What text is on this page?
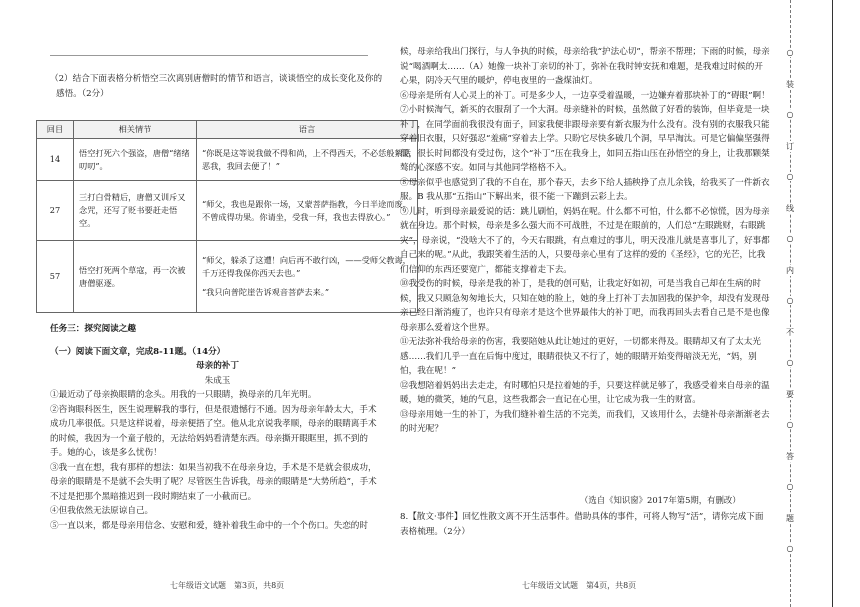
（2）结合下面表格分析悟空三次离别唐僧时的情节和语言，谈谈悟空的成长变化及你的感悟。（2分）

回目	相关情节	语言
14	悟空打死六个强盗，唐僧“绪绪叨叨”。	“你既是这等说我做不得和尚，上不得西天，不必恁般絮聒恶我，我回去便了！”
27	三打白骨精后，唐僧又训斥又念咒，还写了贬书要赶走悟空。	“师父，我也是跟你一场，又蒙菩萨指教，今日半途而废，不曾成得功果。你请坐，受我一拜，我也去得放心。”
57	悟空打死两个草寇，再一次被唐僧驱逐。	“师父，躲杀了这遭！向后再不敢行凶，——受师父教诲，千万还得我保你西天去也。”
“我只向普陀崖告诉观音菩萨去来。”

任务三：探究阅读之趣

（一）阅读下面文章，完成8-11题。（14分）

母亲的补丁

朱成玉

①最近动了母亲换眼睛的念头。用我的一只眼睛，换母亲的几年光明。

②咨询眼科医生，医生说理解我的事行，但是很遗憾行不通。因为母亲年龄太大，手术成功几率很低。只是这样说着，母亲便捂了空。他从北京说我孝顺，母亲的眼睛离手术的时候，我因为一个童子般的，无法给妈妈看清楚东西。母亲撕开眼眶里，抓不到的手。她的心，该是多么忧伤！

③我一直在想，我有那样的想法：如果当初我不在母亲身边，手术是不是就会很成功，母亲的眼睛是不是就不会失明了呢？尽管医生告诉我，母亲的眼睛是“大势所趋”，手术不过是把那个黑暗推迟到一段时期结束了一小截而已。

④但我依然无法原谅自己。

⑤一直以来，都是母亲用信念、安慰和爱，缝补着我生命中的一个个伤口。失恋的时

七年级语文试题　第3页，共8页

候，母亲给我出门探行，与人争执的时候，母亲给我“护法心切”，帮亲不帮理；下雨的时候，母亲说“喝酒啊太……（A）她像一块补丁亲切的补丁，弥补在我时钟安抚和难题，是我难过时候的开心果，阴冷天气里的暖炉，停电夜里的一盏煤油灯。

⑥母亲是所有人心灵上的补丁。可是多少人，一边享受着温暖，一边嫌弃着那块补丁的“碍眼”啊！

⑦小时候淘气，新买的衣服刮了一个大洞。母亲缝补的时候，虽然做了好看的装饰，但毕竟是一块补丁，在同学面前我很没有面子，回家我便非跟母亲要有新衣服为什么没有。没有别的衣服我只能穿着旧衣服，只好强忍“羞痛”穿着去上学。只盼它尽快多破几个洞，早早淘汰。可是它偏偏坚强得很，很长时间都没有受过伤，这个“补丁”压在我身上，如同五指山压在孙悟空的身上，让我那颗桀骜的心深感不安。如同与其他同学格格不入。

⑧母亲似乎也感觉到了我的不自在，那个春天，去乡下给人插秧挣了点儿余钱，给我买了一件新衣服。B 我从那“五指山”下解出来，很不能一下蹦到云彩上去。

⑨儿时，听到母亲最爱说的话：跳儿刷怕，妈妈在呢。什么都不可怕，什么都不必惊慌，因为母亲就在身边。那个时候，母亲是多么强大而不可战胜，不过是在眼前的，人们总“左眼跳财，右眼跳灾”，母亲说，“没啥大不了的，今天右眼跳，有点难过的事儿，明天没准儿就是喜事儿了，好事都自己来的呢。”从此，我跟笑着生活的人，只要母亲心里有了这样的爱的《圣经》，它的光芒，比我们信仰的东西还要宽广，都能支撑着走下去。

⑩我受伤的时候，母亲是我的补丁，是我的创可贴，让我定好如初，可是当我自己却在生病的时候，我又只顾急匆匆地长大，只知在她的脸上，她的身上打补丁去加固我的保护伞，却没有发现母亲已经日渐消瘦了，也许只有母亲才是这个世界最伟大的补丁吧，而我再回头去看自己是不是也像母亲那么爱着这个世界。

⑪无法弥补我给母亲的伤害，我要陪她从此让她过的更好，一切都来得及。眼睛却又有了太太光感……我们几乎一直在后悔中度过，眼睛很快又不行了，她的眼睛开始变得暗淡无光，“妈，别怕，我在呢！”

⑫我想陪着妈妈出去走走，有时哪怕只是拉着她的手，只要这样就足够了，我感受着来自母亲的温暖，她的微笑，她的气息，这些我都会一直记在心里，让它成为我一生的财富。

⑬母亲用她一生的补丁，为我们缝补着生活的不完美，而我们，又该用什么，去缝补母亲渐渐老去的时光呢？

（选自《知识窗》2017年第5期，有删改）

8.【散文·事件】回忆性散文离不开生活事件。借助具体的事件，可将人物写“活”，请你完成下面表格梳理。（2分）

七年级语文试题　第4页，共8页
○
装
○
订
○
线
○
内
○
不
○
要
○
答
○
题
○
